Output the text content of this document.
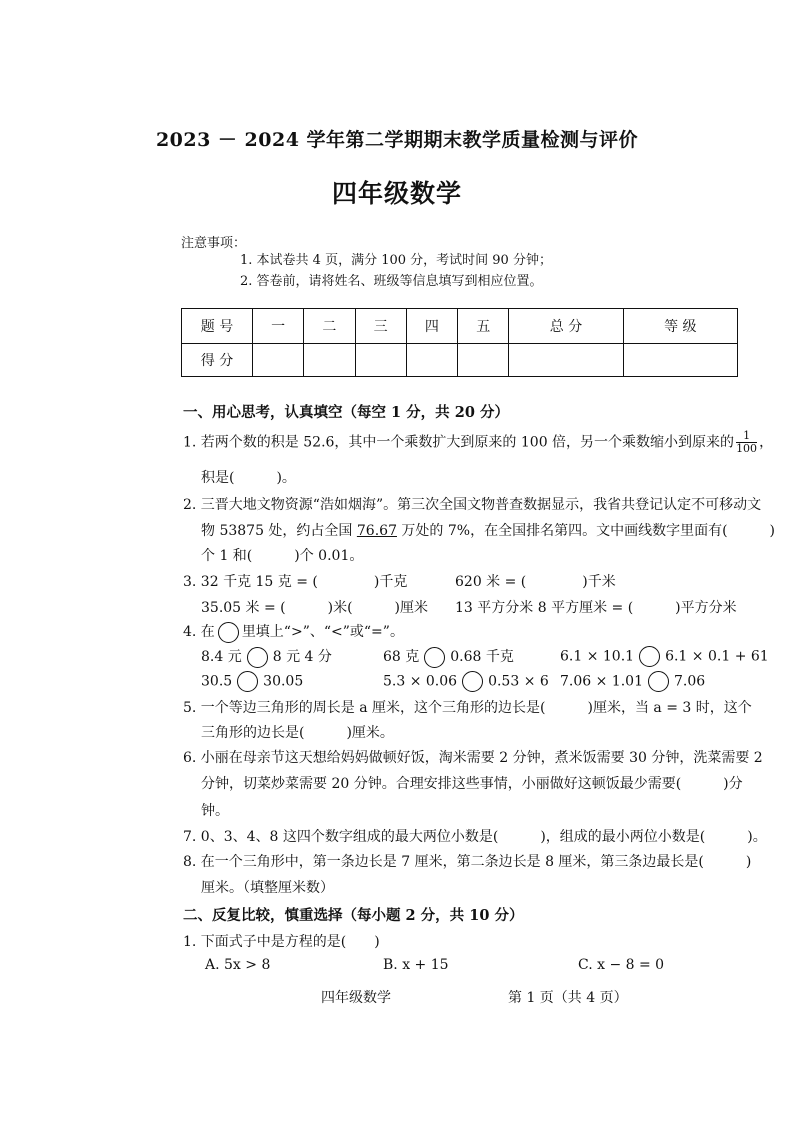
2023 － 2024 学年第二学期期末教学质量检测与评价
四年级数学
注意事项：
1. 本试卷共 4 页，满分 100 分，考试时间 90 分钟；
2. 答卷前，请将姓名、班级等信息填写到相应位置。
题 号	一	二	三	四	五	总 分	等 级
得 分							
一、用心思考，认真填空（每空 1 分，共 20 分）
1. 若两个数的积是 52.6，其中一个乘数扩大到原来的 100 倍，另一个乘数缩小到原来的 $\frac{1}{100}$ ，
积是(　　　)。
2. 三晋大地文物资源“浩如烟海”。第三次全国文物普查数据显示，我省共登记认定不可移动文
物 53875 处，约占全国 76.67 万处的 7%，在全国排名第四。文中画线数字里面有(　　　)
个 1 和(　　　)个 0.01。
3. 32 千克 15 克 = (　　　　)千克	620 米 = (　　　　)千米
35.05 米 = (　　　)米(　　　)厘米 13 平方分米 8 平方厘米 = (　　　)平方分米
4. 在 里填上“>”、“<”或“=”。
8.4 元 8 元 4 分	68 克 0.68 千克	6.1 × 10.1 6.1 × 0.1 + 61
30.5 30.05	5.3 × 0.06 0.53 × 6 7.06 × 1.01 7.06
5. 一个等边三角形的周长是 a 厘米，这个三角形的边长是(　　　)厘米，当 a = 3 时，这个
三角形的边长是(　　　)厘米。
6. 小丽在母亲节这天想给妈妈做顿好饭，淘米需要 2 分钟，煮米饭需要 30 分钟，洗菜需要 2
分钟，切菜炒菜需要 20 分钟。合理安排这些事情，小丽做好这顿饭最少需要(　　　)分
钟。
7. 0、3、4、8 这四个数字组成的最大两位小数是(　　　)，组成的最小两位小数是(　　　)。
8. 在一个三角形中，第一条边长是 7 厘米，第二条边长是 8 厘米，第三条边最长是(　　　)
厘米。（填整厘米数）
二、反复比较，慎重选择（每小题 2 分，共 10 分）
1. 下面式子中是方程的是(　　)
A. 5x > 8	B. x + 15	C. x − 8 = 0
四年级数学	第 1 页（共 4 页）
